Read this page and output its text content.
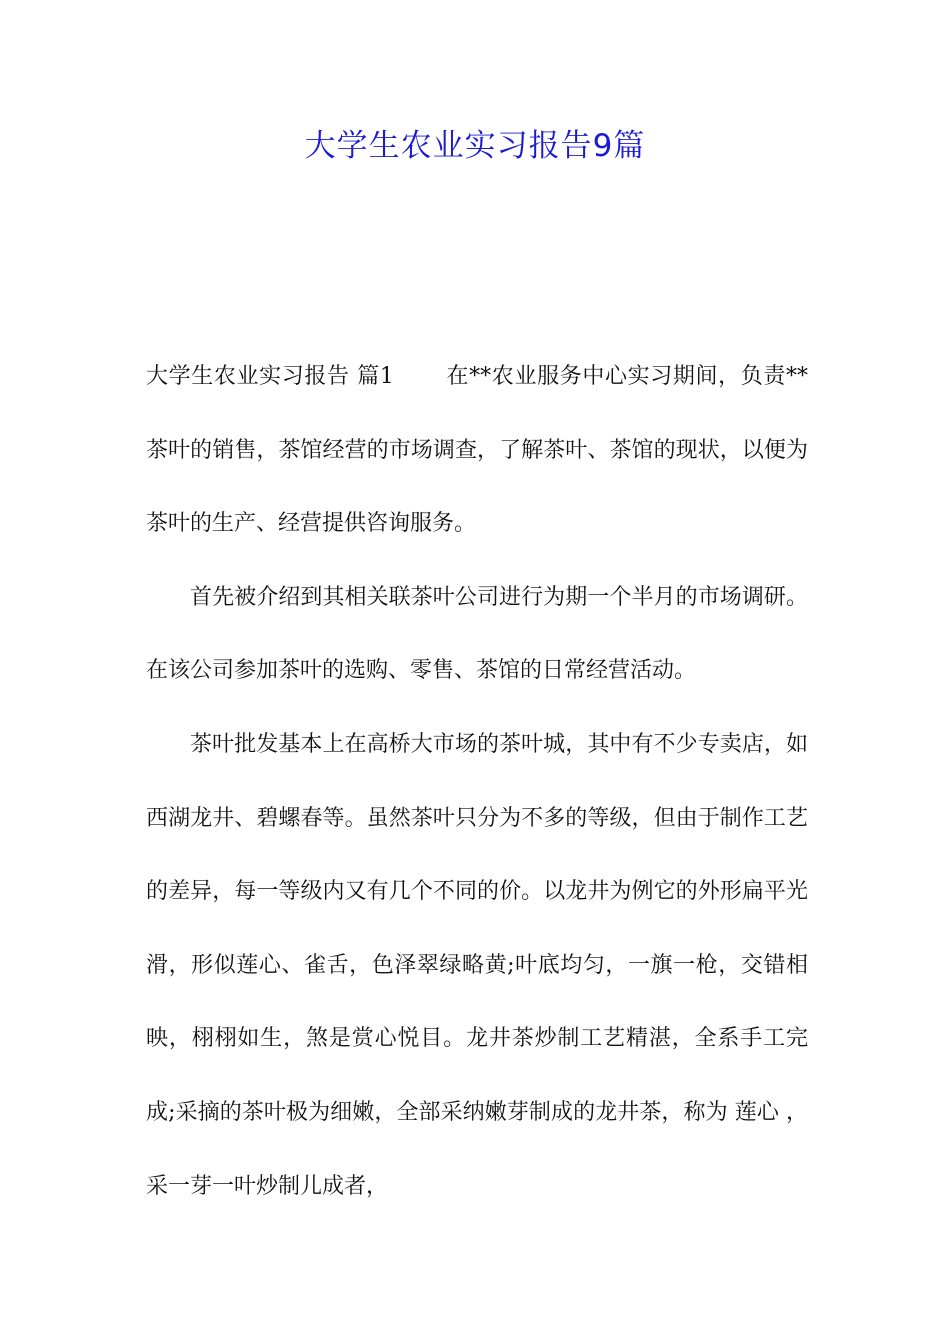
大学生农业实习报告9篇

大学生农业实习报告 篇1 在**农业服务中心实习期间，负责**茶叶的销售，茶馆经营的市场调查，了解茶叶、茶馆的现状，以便为茶叶的生产、经营提供咨询服务。

首先被介绍到其相关联茶叶公司进行为期一个半月的市场调研。在该公司参加茶叶的选购、零售、茶馆的日常经营活动。

茶叶批发基本上在高桥大市场的茶叶城，其中有不少专卖店，如西湖龙井、碧螺春等。虽然茶叶只分为不多的等级，但由于制作工艺的差异，每一等级内又有几个不同的价。以龙井为例它的外形扁平光滑，形似莲心、雀舌，色泽翠绿略黄;叶底均匀，一旗一枪，交错相映，栩栩如生，煞是赏心悦目。龙井茶炒制工艺精湛，全系手工完成;采摘的茶叶极为细嫩，全部采纳嫩芽制成的龙井茶，称为 莲心 ，采一芽一叶炒制儿成者，
